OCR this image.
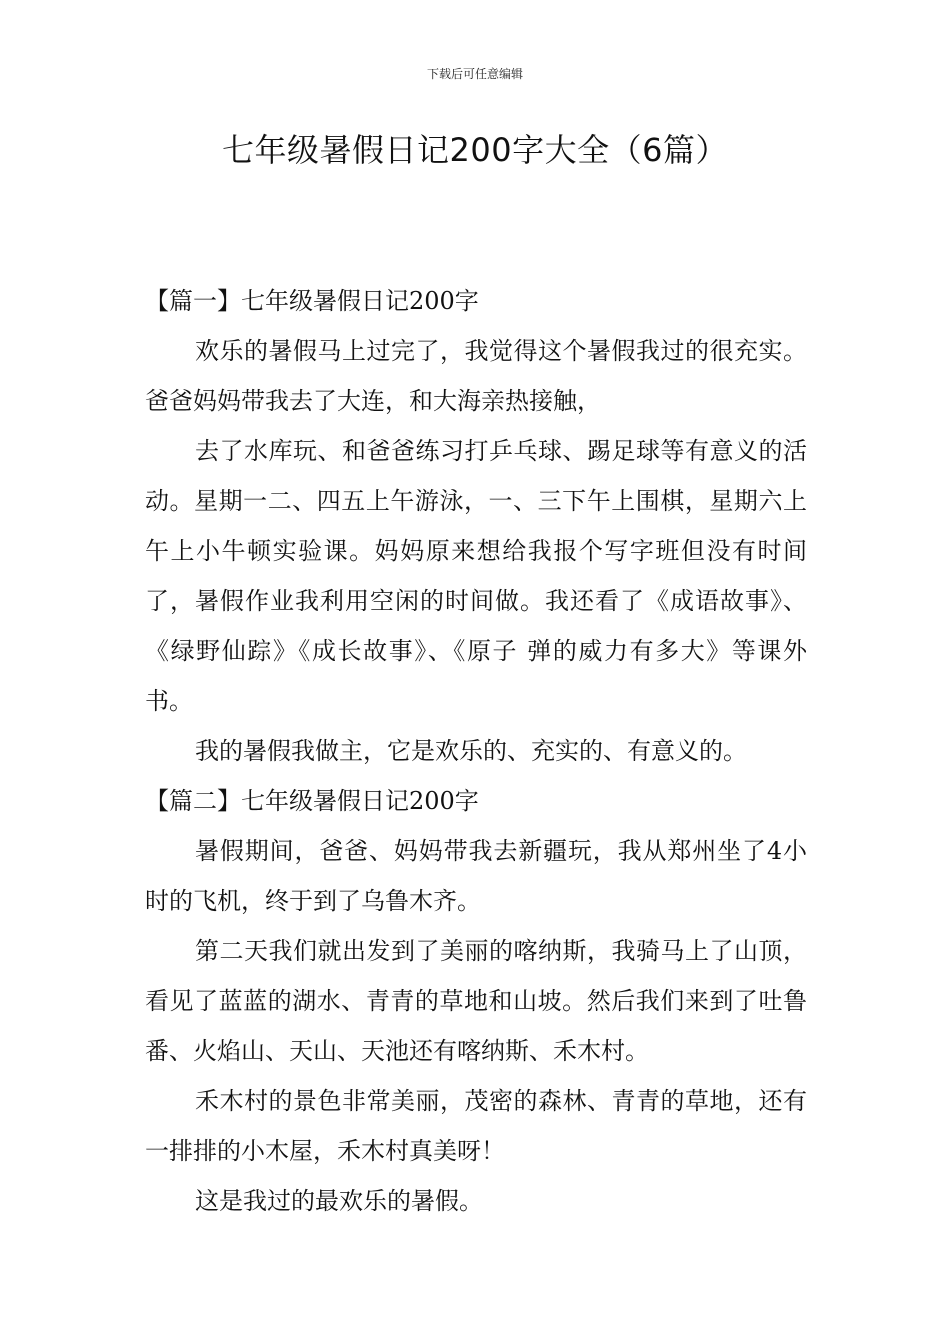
下载后可任意编辑
七年级暑假日记200字大全（6篇）

【篇一】七年级暑假日记200字

欢乐的暑假马上过完了，我觉得这个暑假我过的很充实。爸爸妈妈带我去了大连，和大海亲热接触，

去了水库玩、和爸爸练习打乒乓球、踢足球等有意义的活动。星期一二、四五上午游泳，一、三下午上围棋，星期六上午上小牛顿实验课。妈妈原来想给我报个写字班但没有时间了，暑假作业我利用空闲的时间做。我还看了《成语故事》、《绿野仙踪》《成长故事》、《原子 弹的威力有多大》等课外书。

我的暑假我做主，它是欢乐的、充实的、有意义的。

【篇二】七年级暑假日记200字

暑假期间，爸爸、妈妈带我去新疆玩，我从郑州坐了4小时的飞机，终于到了乌鲁木齐。

第二天我们就出发到了美丽的喀纳斯，我骑马上了山顶，看见了蓝蓝的湖水、青青的草地和山坡。然后我们来到了吐鲁番、火焰山、天山、天池还有喀纳斯、禾木村。

禾木村的景色非常美丽，茂密的森林、青青的草地，还有一排排的小木屋，禾木村真美呀！

这是我过的最欢乐的暑假。
